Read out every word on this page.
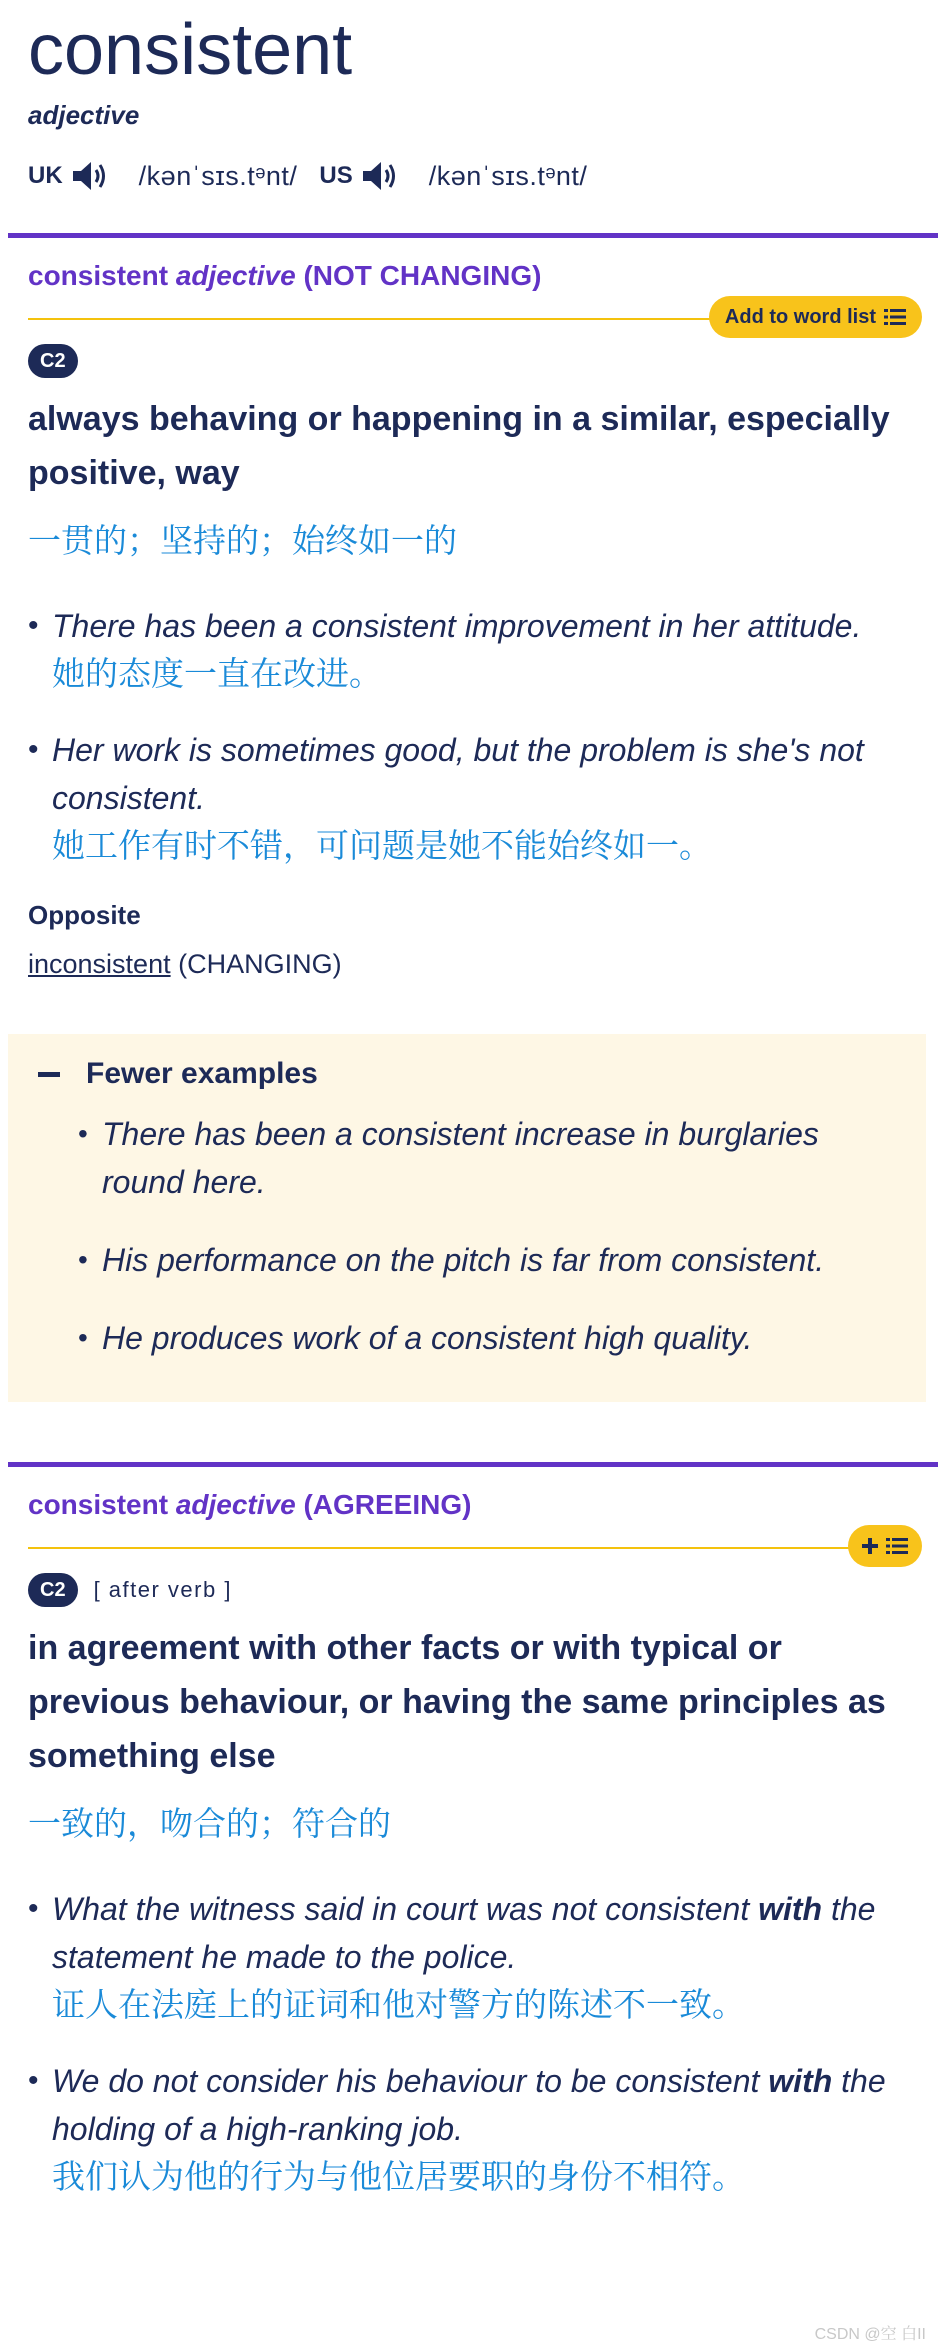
consistent
adjective
UK	/kənˈsɪs.tᵊnt/ US	/kənˈsɪs.tᵊnt/
consistent adjective (NOT CHANGING)
Add to word list
C2
always behaving or happening in a similar, especially positive, way
一贯的；坚持的；始终如一的
• There has been a consistent improvement in her attitude.
她的态度一直在改进。
• Her work is sometimes good, but the problem is she's not consistent.
她工作有时不错，可问题是她不能始终如一。
Opposite
inconsistent (CHANGING)
Fewer examples
• There has been a consistent increase in burglaries round here.
• His performance on the pitch is far from consistent.
• He produces work of a consistent high quality.
consistent adjective (AGREEING)
C2	[ after verb ]
in agreement with other facts or with typical or previous behaviour, or having the same principles as something else
一致的，吻合的；符合的
• What the witness said in court was not consistent with the statement he made to the police.
证人在法庭上的证词和他对警方的陈述不一致。
• We do not consider his behaviour to be consistent with the holding of a high-ranking job.
我们认为他的行为与他位居要职的身份不相符。
CSDN @空 白II
